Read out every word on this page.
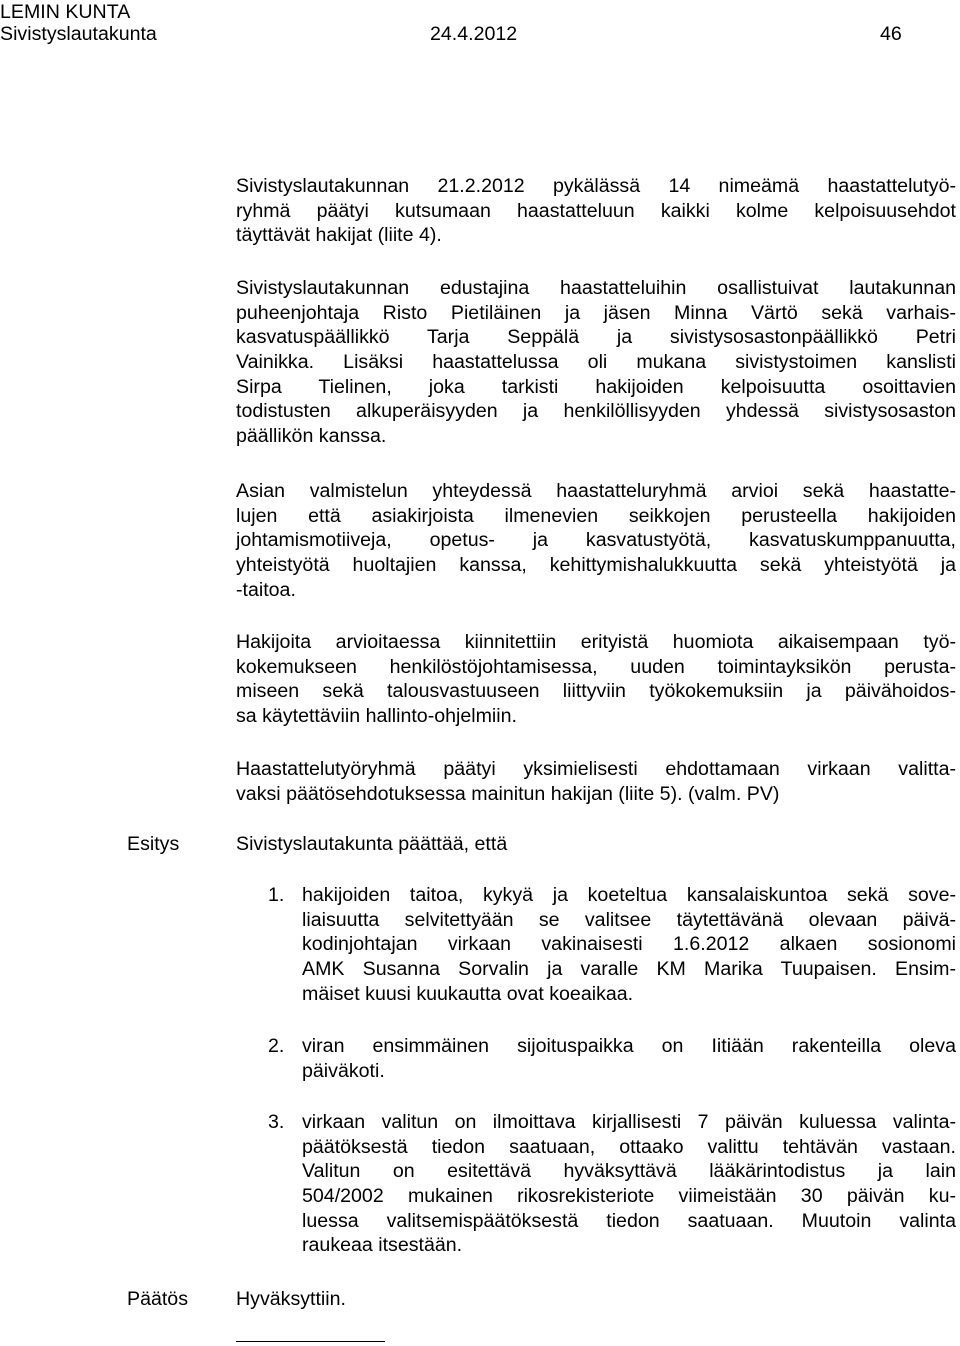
LEMIN KUNTA
Sivistyslautakunta	24.4.2012	46
Sivistyslautakunnan 21.2.2012 pykälässä 14 nimeämä haastattelutyö-
ryhmä päätyi kutsumaan haastatteluun kaikki kolme kelpoisuusehdot
täyttävät hakijat (liite 4).
Sivistyslautakunnan edustajina haastatteluihin osallistuivat lautakunnan
puheenjohtaja Risto Pietiläinen ja jäsen Minna Värtö sekä varhais-
kasvatuspäällikkö Tarja Seppälä ja sivistysosastonpäällikkö Petri
Vainikka. Lisäksi haastattelussa oli mukana sivistystoimen kanslisti
Sirpa Tielinen, joka tarkisti hakijoiden kelpoisuutta osoittavien
todistusten alkuperäisyyden ja henkilöllisyyden yhdessä sivistysosaston
päällikön kanssa.
Asian valmistelun yhteydessä haastatteluryhmä arvioi sekä haastatte-
lujen että asiakirjoista ilmenevien seikkojen perusteella hakijoiden
johtamismotiiveja, opetus- ja kasvatustyötä, kasvatuskumppanuutta,
yhteistyötä huoltajien kanssa, kehittymishalukkuutta sekä yhteistyötä ja
-taitoa.
Hakijoita arvioitaessa kiinnitettiin erityistä huomiota aikaisempaan työ-
kokemukseen henkilöstöjohtamisessa, uuden toimintayksikön perusta-
miseen sekä talousvastuuseen liittyviin työkokemuksiin ja päivähoidos-
sa käytettäviin hallinto-ohjelmiin.
Haastattelutyöryhmä päätyi yksimielisesti ehdottamaan virkaan valitta-
vaksi päätösehdotuksessa mainitun hakijan (liite 5). (valm. PV)
Esitys	Sivistyslautakunta päättää, että
1. hakijoiden taitoa, kykyä ja koeteltua kansalaiskuntoa sekä sove-
liaisuutta selvitettyään se valitsee täytettävänä olevaan päivä-
kodinjohtajan virkaan vakinaisesti 1.6.2012 alkaen sosionomi
AMK Susanna Sorvalin ja varalle KM Marika Tuupaisen. Ensim-
mäiset kuusi kuukautta ovat koeaikaa.
2. viran ensimmäinen sijoituspaikka on Iitiään rakenteilla oleva
päiväkoti.
3. virkaan valitun on ilmoittava kirjallisesti 7 päivän kuluessa valinta-
päätöksestä tiedon saatuaan, ottaako valittu tehtävän vastaan.
Valitun on esitettävä hyväksyttävä lääkärintodistus ja lain
504/2002 mukainen rikosrekisteriote viimeistään 30 päivän ku-
luessa valitsemispäätöksestä tiedon saatuaan. Muutoin valinta
raukeaa itsestään.
Päätös Hyväksyttiin.
